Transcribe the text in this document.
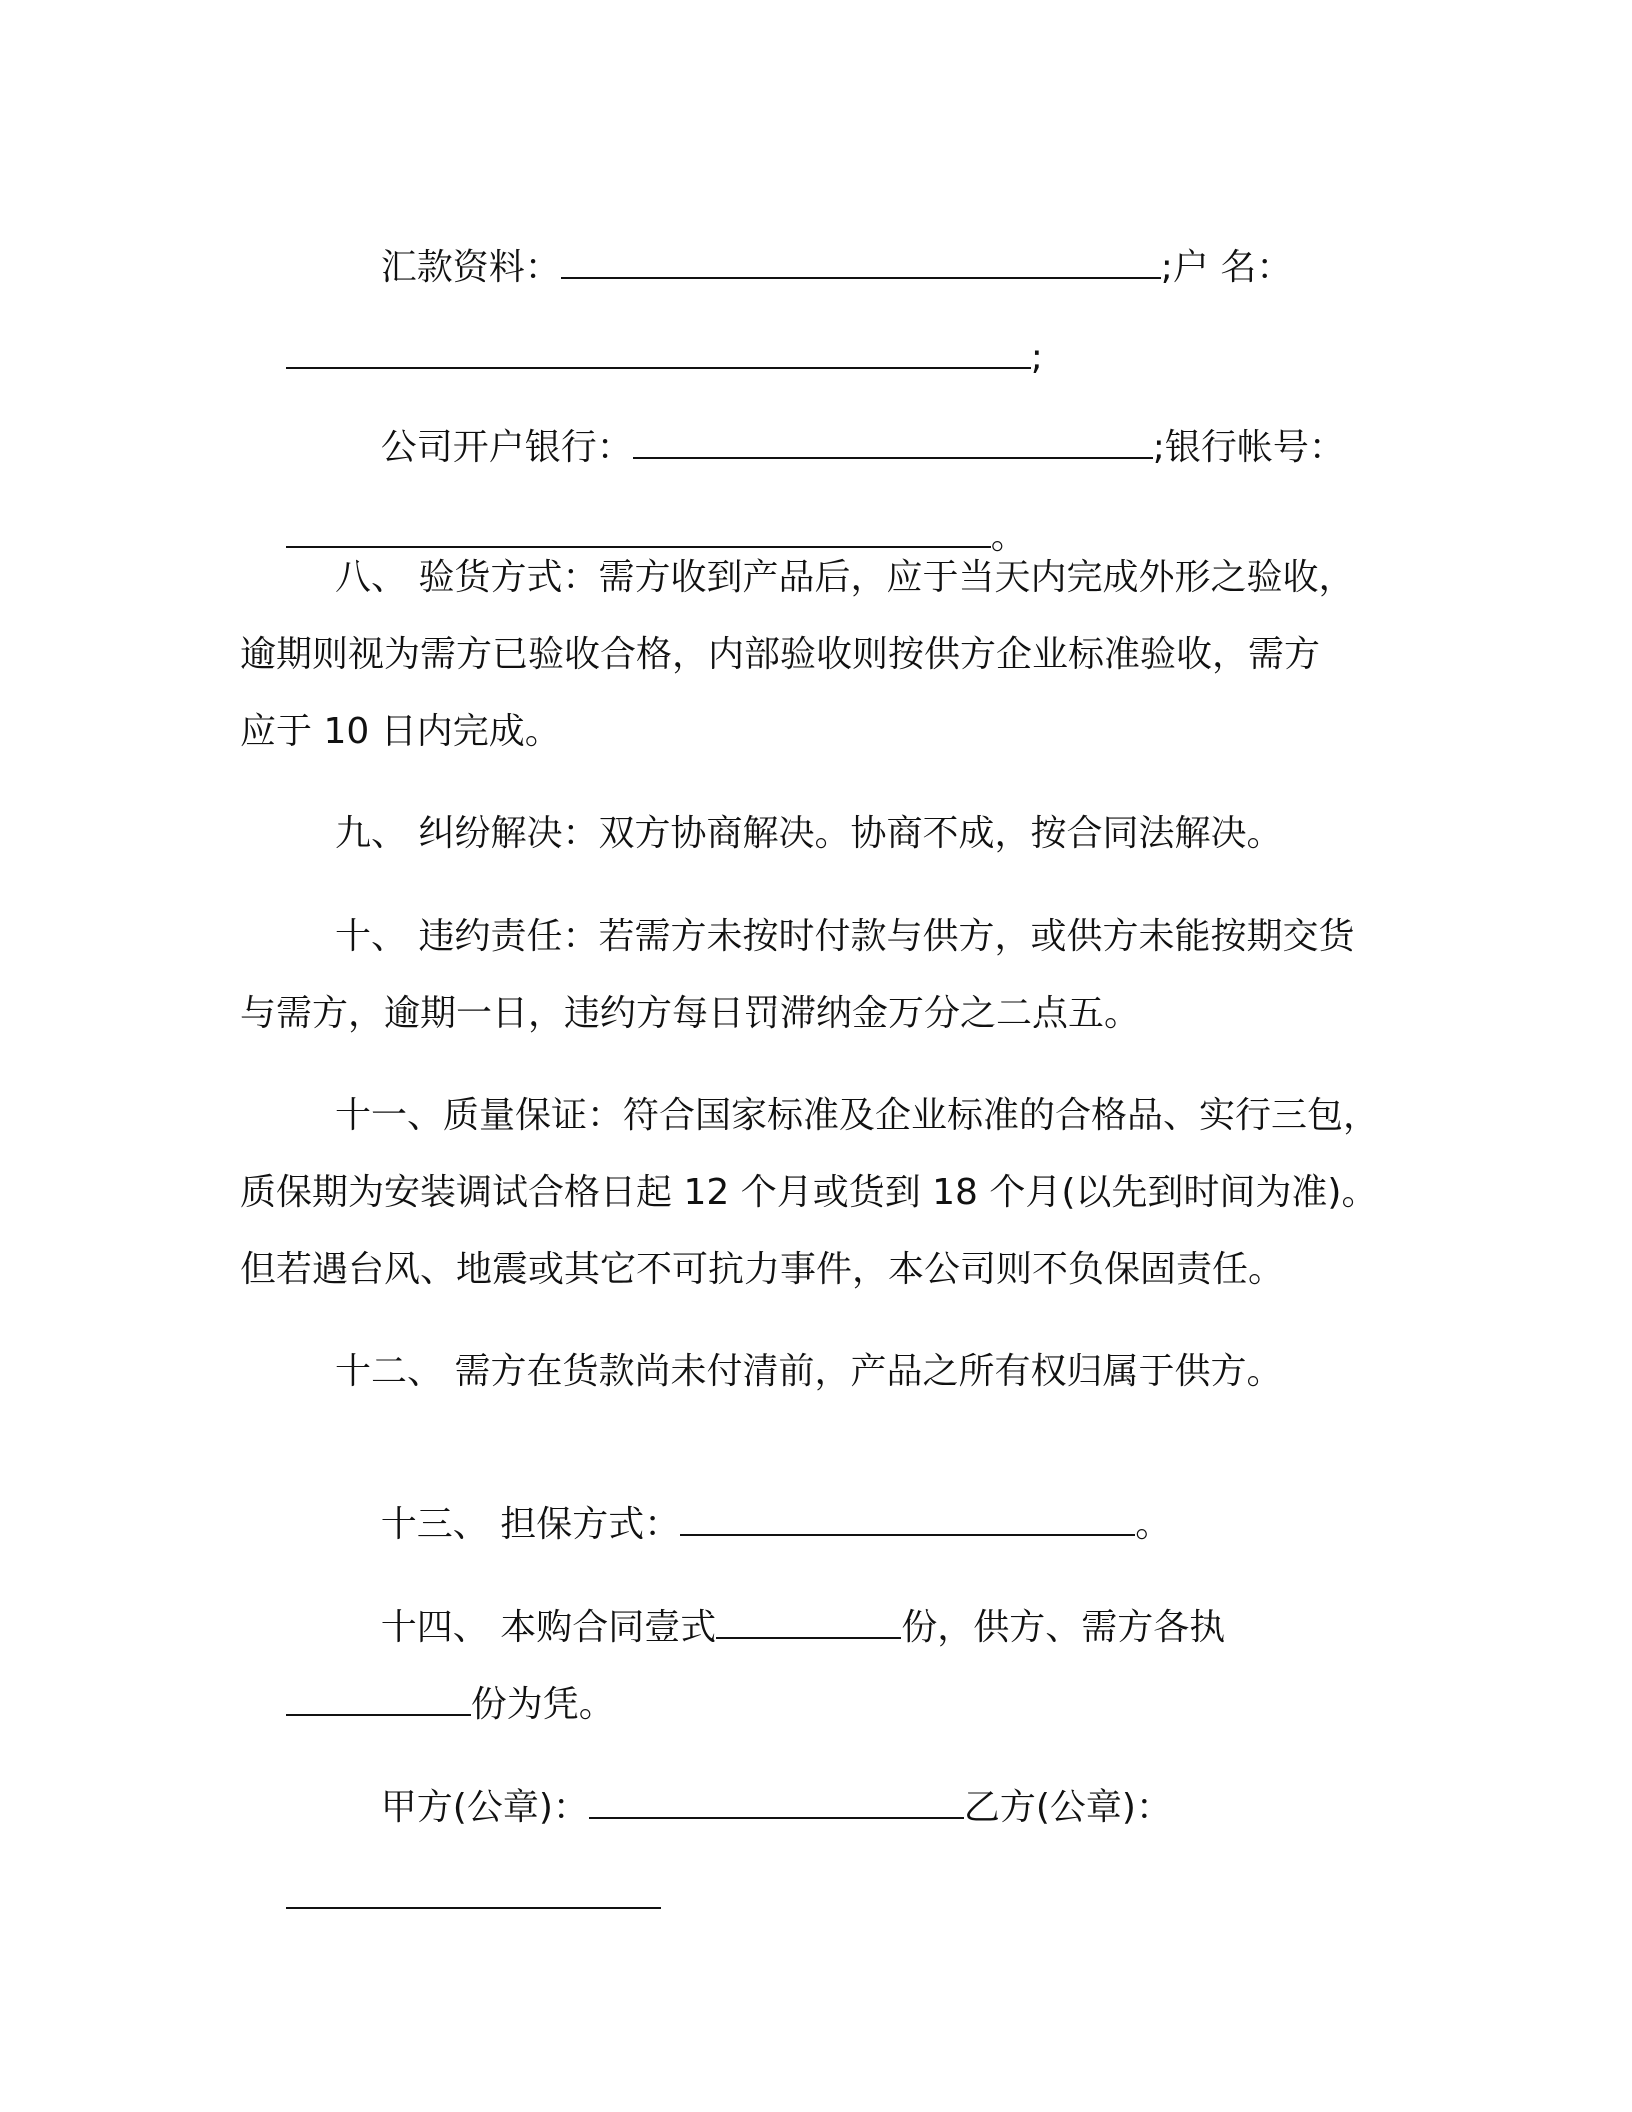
汇款资料：	;户 名：

;

公司开户银行：	;银行帐号：

。

八、 验货方式：需方收到产品后，应于当天内完成外形之验收，
逾期则视为需方已验收合格，内部验收则按供方企业标准验收，需方
应于 10 日内完成。
九、 纠纷解决：双方协商解决。协商不成，按合同法解决。
十、 违约责任：若需方未按时付款与供方，或供方未能按期交货
与需方，逾期一日，违约方每日罚滞纳金万分之二点五。
十一、质量保证：符合国家标准及企业标准的合格品、实行三包，
质保期为安装调试合格日起 12 个月或货到 18 个月(以先到时间为准)。
但若遇台风、地震或其它不可抗力事件，本公司则不负保固责任。
十二、 需方在货款尚未付清前，产品之所有权归属于供方。

十三、 担保方式：	。

十四、 本购合同壹式	份，供方、需方各执

份为凭。

甲方(公章)：	乙方(公章)：
